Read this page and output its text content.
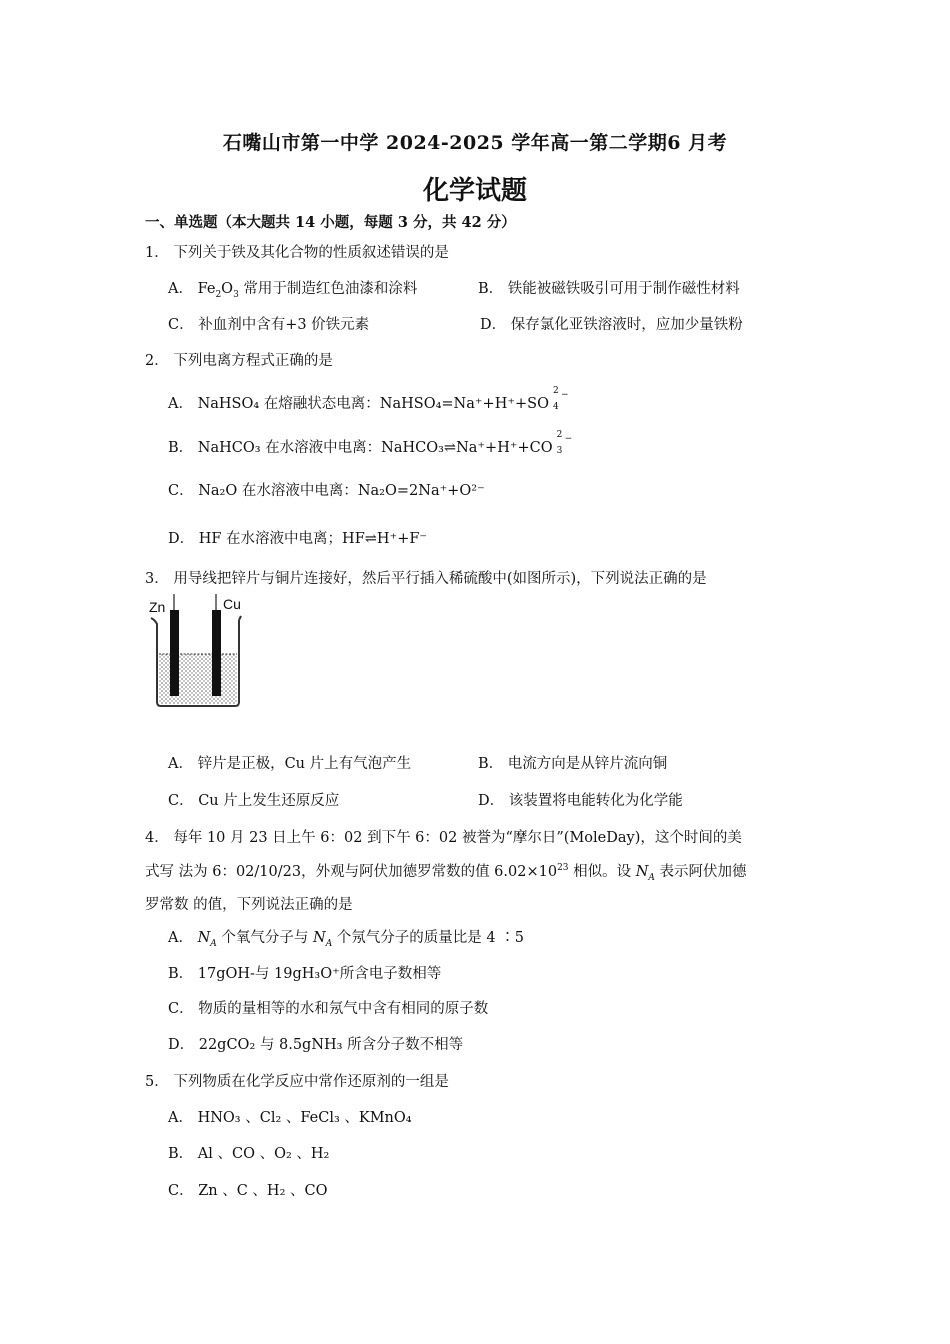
石嘴山市第一中学 2024-2025 学年高一第二学期6 月考
化学试题
一、单选题（本大题共 14 小题，每题 3 分，共 42 分）
1． 下列关于铁及其化合物的性质叙述错误的是
A． $Fe_2O_3$ 常用于制造红色油漆和涂料	B． 铁能被磁铁吸引可用于制作磁性材料
C． 补血剂中含有+3 价铁元素	D． 保存氯化亚铁溶液时，应加少量铁粉
2． 下列电离方程式正确的是
A． NaHSO₄ 在熔融状态电离：NaHSO₄=Na⁺+H⁺+SO
2
4
−
B． NaHCO₃ 在水溶液中电离：NaHCO₃⇌Na⁺+H⁺+CO
2
3
−
C． Na₂O 在水溶液中电离：Na₂O=2Na⁺+O²⁻
D． HF 在水溶液中电离；HF⇌H⁺+F⁻
3． 用导线把锌片与铜片连接好，然后平行插入稀硫酸中(如图所示)，下列说法正确的是
Zn	Cu
A． 锌片是正极，Cu 片上有气泡产生	B． 电流方向是从锌片流向铜
C． Cu 片上发生还原反应	D． 该装置将电能转化为化学能
4． 每年 10 月 23 日上午 6：02 到下午 6：02 被誉为“摩尔日”(MoleDay)，这个时间的美
式写 法为 6：02/10/23，外观与阿伏加德罗常数的值 $6.02\times 10^{23}$ 相似。设 $N_A$ 表示阿伏加德
罗常数 的值，下列说法正确的是
A． $N_A$ 个氧气分子与 $N_A$ 个氖气分子的质量比是 4 ∶5
B． 17gOH-与 19gH₃O⁺所含电子数相等
C． 物质的量相等的水和氖气中含有相同的原子数
D． 22gCO₂ 与 8.5gNH₃ 所含分子数不相等
5． 下列物质在化学反应中常作还原剂的一组是
A． HNO₃ 、Cl₂ 、FeCl₃ 、KMnO₄
B． Al 、CO 、O₂ 、H₂
C． Zn 、C 、H₂ 、CO
